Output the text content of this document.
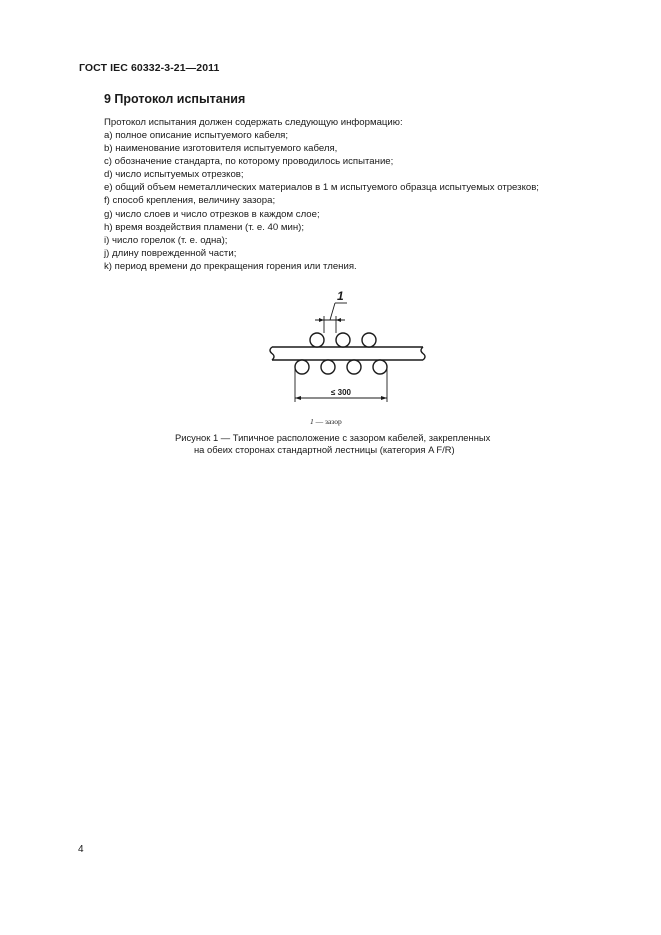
ГОСТ IEC 60332-3-21—2011
9 Протокол испытания

Протокол испытания должен содержать следующую информацию:

a) полное описание испытуемого кабеля;
b) наименование изготовителя испытуемого кабеля,
c) обозначение стандарта, по которому проводилось испытание;
d) число испытуемых отрезков;
e) общий объем неметаллических материалов в 1 м испытуемого образца испытуемых отрезков;
f) способ крепления, величину зазора;
g) число слоев и число отрезков в каждом слое;
h) время воздействия пламени (т. е. 40 мин);
i) число горелок (т. е. одна);
j) длину поврежденной части;
k) период времени до прекращения горения или тления.
1
≤ 300
1 — зазор
Рисунок 1 — Типичное расположение с зазором кабелей, закрепленных
на обеих сторонах стандартной лестницы (категория A F/R)
4
